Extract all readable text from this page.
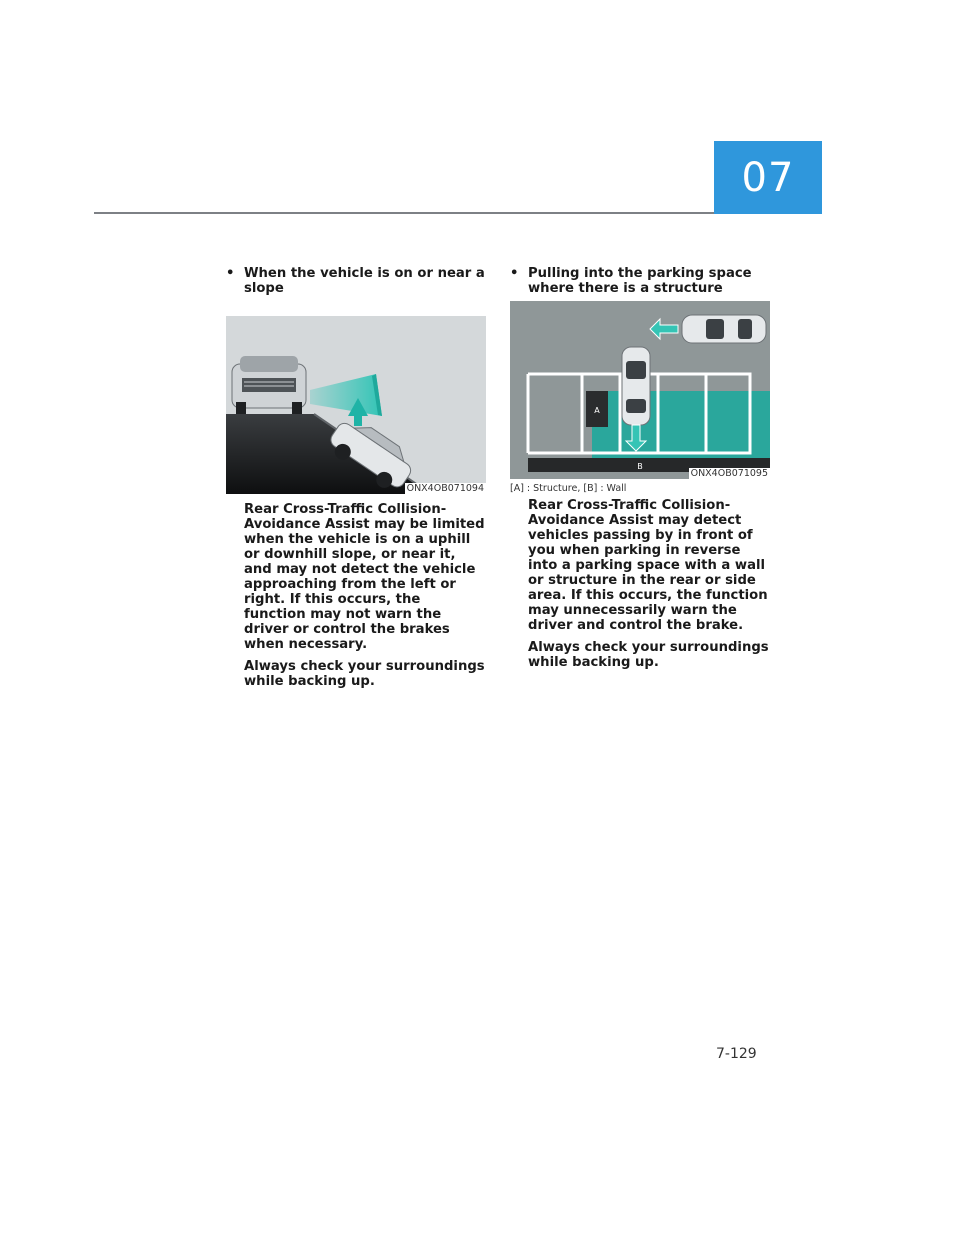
07
• When the vehicle is on or near a slope
ONX4OB071094
Rear Cross-Traffic Collision-Avoidance Assist may be limited when the vehicle is on a uphill or downhill slope, or near it, and may not detect the vehicle approaching from the left or right. If this occurs, the function may not warn the driver or control the brakes when necessary.
Always check your surroundings while backing up.
• Pulling into the parking space where there is a structure
A
B
ONX4OB071095
[A] : Structure, [B] : Wall
Rear Cross-Traffic Collision-Avoidance Assist may detect vehicles passing by in front of you when parking in reverse into a parking space with a wall or structure in the rear or side area. If this occurs, the function may unnecessarily warn the driver and control the brake.
Always check your surroundings while backing up.
7-129
